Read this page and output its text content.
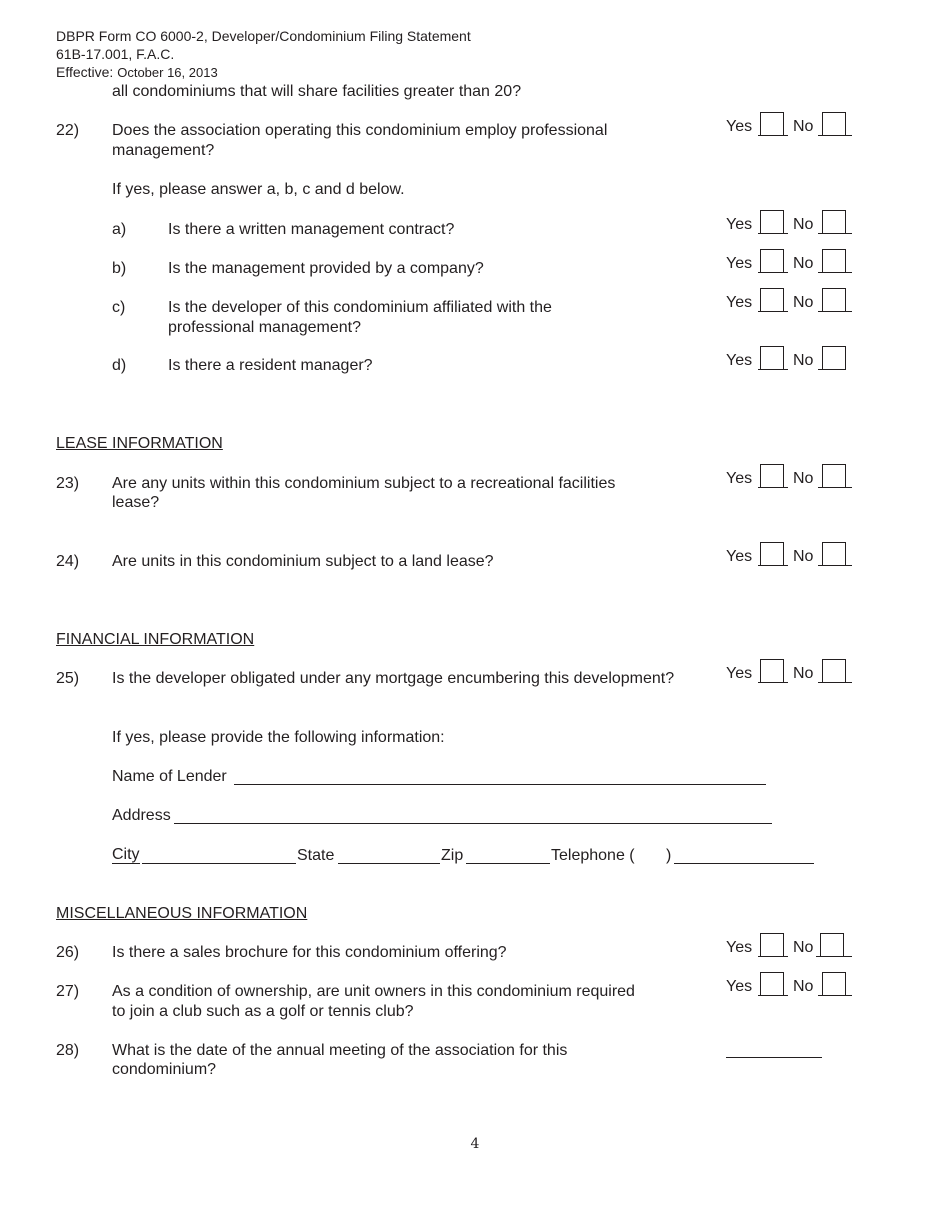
DBPR Form CO 6000-2, Developer/Condominium Filing Statement
61B-17.001, F.A.C.
Effective: October 16, 2013
all condominiums that will share facilities greater than 20?
22) Does the association operating this condominium employ professional
management?
Yes	No
If yes, please answer a, b, c and d below.
a)	Is there a written management contract?	Yes	No
b)	Is the management provided by a company?	Yes	No
c)	Is the developer of this condominium affiliated with the
professional management?
Yes	No
d)	Is there a resident manager?	Yes	No
LEASE INFORMATION
23) Are any units within this condominium subject to a recreational facilities
lease?
Yes	No
24) Are units in this condominium subject to a land lease?	Yes	No
FINANCIAL INFORMATION
25) Is the developer obligated under any mortgage encumbering this development?	Yes	No
If yes, please provide the following information:
Name of Lender
Address
City	State	Zip	Telephone ( )
MISCELLANEOUS INFORMATION
26) Is there a sales brochure for this condominium offering?	Yes	No
27) As a condition of ownership, are unit owners in this condominium required
to join a club such as a golf or tennis club?
Yes	No
28) What is the date of the annual meeting of the association for this
condominium?
4
